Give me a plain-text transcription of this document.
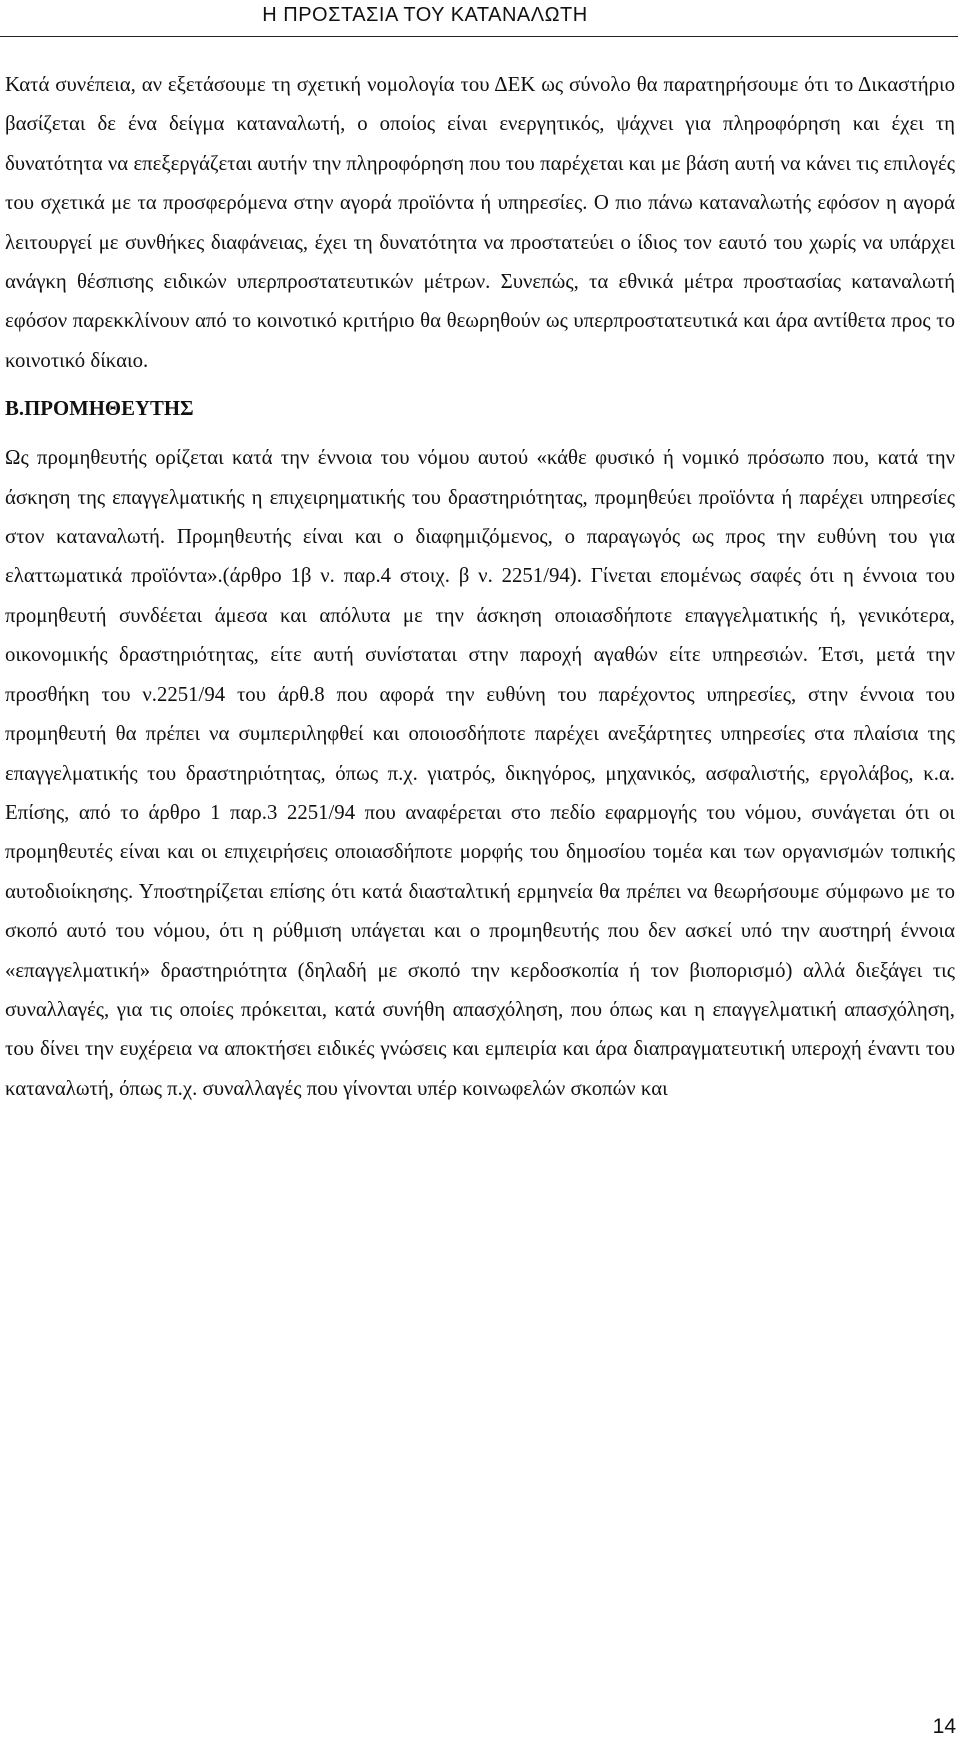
Η ΠΡΟΣΤΑΣΙΑ ΤΟΥ ΚΑΤΑΝΑΛΩΤΗ

Κατά συνέπεια, αν εξετάσουμε τη σχετική νομολογία του ΔΕΚ ως σύνολο θα παρατηρήσουμε ότι το Δικαστήριο βασίζεται δε ένα δείγμα καταναλωτή, ο οποίος είναι ενεργητικός, ψάχνει για πληροφόρηση και έχει τη δυνατότητα να επεξεργάζεται αυτήν την πληροφόρηση που του παρέχεται και με βάση αυτή να κάνει τις επιλογές του σχετικά με τα προσφερόμενα στην αγορά προϊόντα ή υπηρεσίες. Ο πιο πάνω καταναλωτής εφόσον η αγορά λειτουργεί με συνθήκες διαφάνειας, έχει τη δυνατότητα να προστατεύει ο ίδιος τον εαυτό του χωρίς να υπάρχει ανάγκη θέσπισης ειδικών υπερπροστατευτικών μέτρων. Συνεπώς, τα εθνικά μέτρα προστασίας καταναλωτή εφόσον παρεκκλίνουν από το κοινοτικό κριτήριο θα θεωρηθούν ως υπερπροστατευτικά και άρα αντίθετα προς το κοινοτικό δίκαιο.

Β.ΠΡΟΜΗΘΕΥΤΗΣ

Ως προμηθευτής ορίζεται κατά την έννοια του νόμου αυτού «κάθε φυσικό ή νομικό πρόσωπο που, κατά την άσκηση της επαγγελματικής η επιχειρηματικής του δραστηριότητας, προμηθεύει προϊόντα ή παρέχει υπηρεσίες στον καταναλωτή. Προμηθευτής είναι και ο διαφημιζόμενος, ο παραγωγός ως προς την ευθύνη του για ελαττωματικά προϊόντα».(άρθρο 1β ν. παρ.4 στοιχ. β ν. 2251/94). Γίνεται επομένως σαφές ότι η έννοια του προμηθευτή συνδέεται άμεσα και απόλυτα με την άσκηση οποιασδήποτε επαγγελματικής ή, γενικότερα, οικονομικής δραστηριότητας, είτε αυτή συνίσταται στην παροχή αγαθών είτε υπηρεσιών. Έτσι, μετά την προσθήκη του ν.2251/94 του άρθ.8 που αφορά την ευθύνη του παρέχοντος υπηρεσίες, στην έννοια του προμηθευτή θα πρέπει να συμπεριληφθεί και οποιοσδήποτε παρέχει ανεξάρτητες υπηρεσίες στα πλαίσια της επαγγελματικής του δραστηριότητας, όπως π.χ. γιατρός, δικηγόρος, μηχανικός, ασφαλιστής, εργολάβος, κ.α. Επίσης, από το άρθρο 1 παρ.3 2251/94 που αναφέρεται στο πεδίο εφαρμογής του νόμου, συνάγεται ότι οι προμηθευτές είναι και οι επιχειρήσεις οποιασδήποτε μορφής του δημοσίου τομέα και των οργανισμών τοπικής αυτοδιοίκησης. Υποστηρίζεται επίσης ότι κατά διασταλτική ερμηνεία θα πρέπει να θεωρήσουμε σύμφωνο με το σκοπό αυτό του νόμου, ότι η ρύθμιση υπάγεται και ο προμηθευτής που δεν ασκεί υπό την αυστηρή έννοια «επαγγελματική» δραστηριότητα (δηλαδή με σκοπό την κερδοσκοπία ή τον βιοπορισμό) αλλά διεξάγει τις συναλλαγές, για τις οποίες πρόκειται, κατά συνήθη απασχόληση, που όπως και η επαγγελματική απασχόληση, του δίνει την ευχέρεια να αποκτήσει ειδικές γνώσεις και εμπειρία και άρα διαπραγματευτική υπεροχή έναντι του καταναλωτή, όπως π.χ. συναλλαγές που γίνονται υπέρ κοινωφελών σκοπών και

14
